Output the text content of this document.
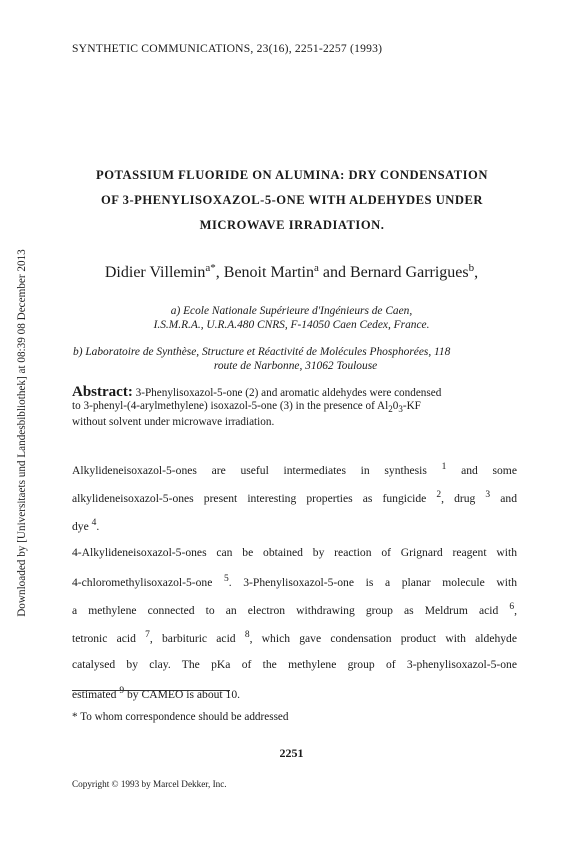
Downloaded by [Universitaets und Landesbibliothek] at 08:39 08 December 2013
SYNTHETIC COMMUNICATIONS, 23(16), 2251-2257 (1993)
POTASSIUM FLUORIDE ON ALUMINA: DRY CONDENSATION
OF 3-PHENYLISOXAZOL-5-ONE WITH ALDEHYDES UNDER
MICROWAVE IRRADIATION.
Didier Villemin$^{a*}$, Benoit Martin$^a$ and Bernard Garrigues$^b$,
a) Ecole Nationale Supérieure d'Ingénieurs de Caen,
I.S.M.R.A., U.R.A.480 CNRS, F-14050 Caen Cedex, France.
b) Laboratoire de Synthèse, Structure et Réactivité de Molécules Phosphorées, 118
route de Narbonne, 31062 Toulouse
Abstract: 3-Phenylisoxazol-5-one (2) and aromatic aldehydes were condensed
to 3-phenyl-(4-arylmethylene) isoxazol-5-one (3) in the presence of $Al_20_3-KF$
without solvent under microwave irradiation.
Alkylideneisoxazol-5-ones are useful intermediates in synthesis $^1$ and some
alkylideneisoxazol-5-ones present interesting properties as fungicide $^2$, drug $^3$ and
dye $^4$.
4-Alkylideneisoxazol-5-ones can be obtained by reaction of Grignard reagent with
4-chloromethylisoxazol-5-one $^5$. 3-Phenylisoxazol-5-one is a planar molecule with
a methylene connected to an electron withdrawing group as Meldrum acid $^6$,
tetronic acid $^7$, barbituric acid $^8$, which gave condensation product with aldehyde
catalysed by clay. The pKa of the methylene group of 3-phenylisoxazol-5-one
estimated $^9$ by CAMEO is about 10.
* To whom correspondence should be addressed
2251
Copyright © 1993 by Marcel Dekker, Inc.
